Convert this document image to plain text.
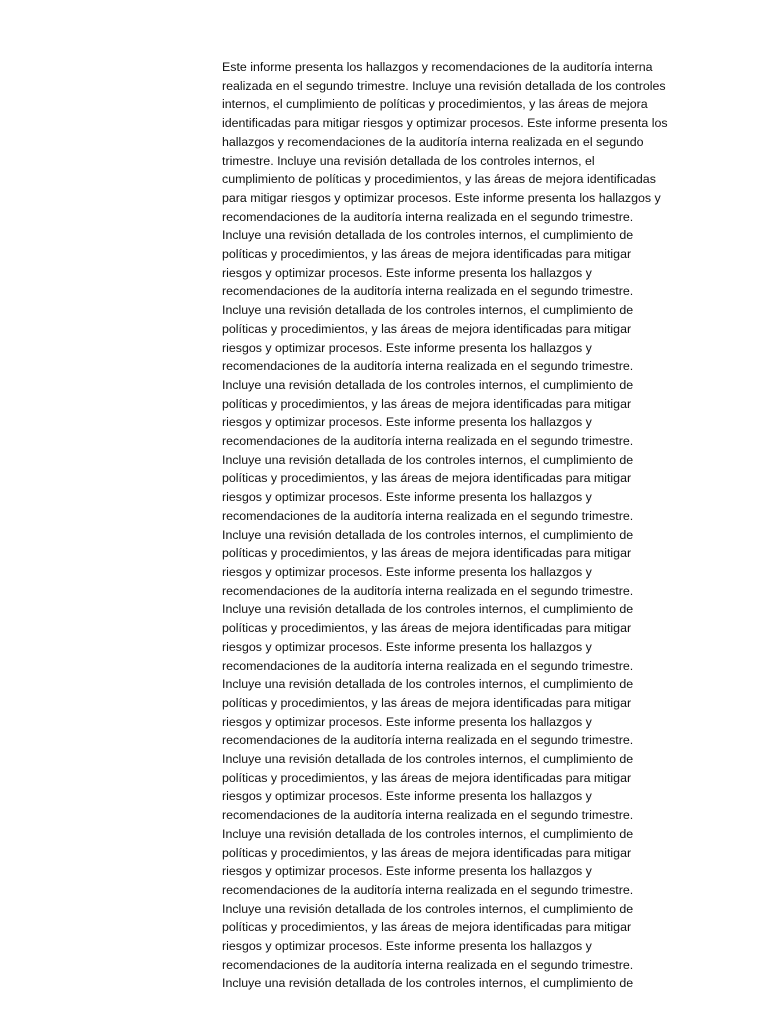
Este informe presenta los hallazgos y recomendaciones de la auditoría interna
realizada en el segundo trimestre. Incluye una revisión detallada de los controles
internos, el cumplimiento de políticas y procedimientos, y las áreas de mejora
identificadas para mitigar riesgos y optimizar procesos. Este informe presenta los
hallazgos y recomendaciones de la auditoría interna realizada en el segundo
trimestre. Incluye una revisión detallada de los controles internos, el
cumplimiento de políticas y procedimientos, y las áreas de mejora identificadas
para mitigar riesgos y optimizar procesos. Este informe presenta los hallazgos y
recomendaciones de la auditoría interna realizada en el segundo trimestre.
Incluye una revisión detallada de los controles internos, el cumplimiento de
políticas y procedimientos, y las áreas de mejora identificadas para mitigar
riesgos y optimizar procesos. Este informe presenta los hallazgos y
recomendaciones de la auditoría interna realizada en el segundo trimestre.
Incluye una revisión detallada de los controles internos, el cumplimiento de
políticas y procedimientos, y las áreas de mejora identificadas para mitigar
riesgos y optimizar procesos. Este informe presenta los hallazgos y
recomendaciones de la auditoría interna realizada en el segundo trimestre.
Incluye una revisión detallada de los controles internos, el cumplimiento de
políticas y procedimientos, y las áreas de mejora identificadas para mitigar
riesgos y optimizar procesos. Este informe presenta los hallazgos y
recomendaciones de la auditoría interna realizada en el segundo trimestre.
Incluye una revisión detallada de los controles internos, el cumplimiento de
políticas y procedimientos, y las áreas de mejora identificadas para mitigar
riesgos y optimizar procesos. Este informe presenta los hallazgos y
recomendaciones de la auditoría interna realizada en el segundo trimestre.
Incluye una revisión detallada de los controles internos, el cumplimiento de
políticas y procedimientos, y las áreas de mejora identificadas para mitigar
riesgos y optimizar procesos. Este informe presenta los hallazgos y
recomendaciones de la auditoría interna realizada en el segundo trimestre.
Incluye una revisión detallada de los controles internos, el cumplimiento de
políticas y procedimientos, y las áreas de mejora identificadas para mitigar
riesgos y optimizar procesos. Este informe presenta los hallazgos y
recomendaciones de la auditoría interna realizada en el segundo trimestre.
Incluye una revisión detallada de los controles internos, el cumplimiento de
políticas y procedimientos, y las áreas de mejora identificadas para mitigar
riesgos y optimizar procesos. Este informe presenta los hallazgos y
recomendaciones de la auditoría interna realizada en el segundo trimestre.
Incluye una revisión detallada de los controles internos, el cumplimiento de
políticas y procedimientos, y las áreas de mejora identificadas para mitigar
riesgos y optimizar procesos. Este informe presenta los hallazgos y
recomendaciones de la auditoría interna realizada en el segundo trimestre.
Incluye una revisión detallada de los controles internos, el cumplimiento de
políticas y procedimientos, y las áreas de mejora identificadas para mitigar
riesgos y optimizar procesos. Este informe presenta los hallazgos y
recomendaciones de la auditoría interna realizada en el segundo trimestre.
Incluye una revisión detallada de los controles internos, el cumplimiento de
políticas y procedimientos, y las áreas de mejora identificadas para mitigar
riesgos y optimizar procesos. Este informe presenta los hallazgos y
recomendaciones de la auditoría interna realizada en el segundo trimestre.
Incluye una revisión detallada de los controles internos, el cumplimiento de
